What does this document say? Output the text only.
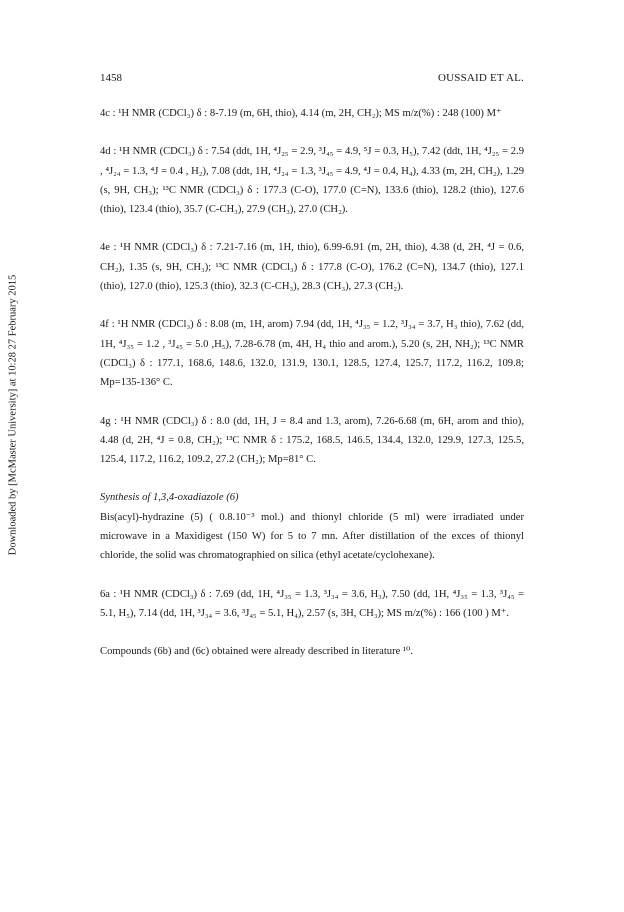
Downloaded by [McMaster University] at 10:28 27 February 2015
1458	OUSSAID ET AL.
4c : ¹H NMR (CDCl₃) δ : 8-7.19 (m, 6H, thio), 4.14 (m, 2H, CH₂); MS m/z(%) : 248 (100) M⁺
4d : ¹H NMR (CDCl₃) δ : 7.54 (ddt, 1H, ⁴J₂₅ = 2.9, ³J₄₅ = 4.9, ⁵J = 0.3, H₅), 7.42 (ddt, 1H, ⁴J₂₅ = 2.9 , ⁴J₂₄ = 1.3, ⁴J = 0.4 , H₂), 7.08 (ddt, 1H, ⁴J₂₄ = 1.3, ³J₄₅ = 4.9, ⁴J = 0.4, H₄), 4.33 (m, 2H, CH₂), 1.29 (s, 9H, CH₃); ¹³C NMR (CDCl₃) δ : 177.3 (C-O), 177.0 (C=N), 133.6 (thio), 128.2 (thio), 127.6 (thio), 123.4 (thio), 35.7 (C-CH₃), 27.9 (CH₃), 27.0 (CH₂).
4e : ¹H NMR (CDCl₃) δ : 7.21-7.16 (m, 1H, thio), 6.99-6.91 (m, 2H, thio), 4.38 (d, 2H, ⁴J = 0.6, CH₂), 1.35 (s, 9H, CH₃); ¹³C NMR (CDCl₃) δ : 177.8 (C-O), 176.2 (C=N), 134.7 (thio), 127.1 (thio), 127.0 (thio), 125.3 (thio), 32.3 (C-CH₃), 28.3 (CH₃), 27.3 (CH₂).
4f : ¹H NMR (CDCl₃) δ : 8.08 (m, 1H, arom) 7.94 (dd, 1H, ⁴J₃₅ = 1.2, ³J₃₄ = 3.7, H₃ thio), 7.62 (dd, 1H, ⁴J₃₅ = 1.2 , ³J₄₅ = 5.0 ,H₅), 7.28-6.78 (m, 4H, H₄ thio and arom.), 5.20 (s, 2H, NH₂); ¹³C NMR (CDCl₃) δ : 177.1, 168.6, 148.6, 132.0, 131.9, 130.1, 128.5, 127.4, 125.7, 117.2, 116.2, 109.8; Mp=135-136° C.
4g : ¹H NMR (CDCl₃) δ : 8.0 (dd, 1H, J = 8.4 and 1.3, arom), 7.26-6.68 (m, 6H, arom and thio), 4.48 (d, 2H, ⁴J = 0.8, CH₂); ¹³C NMR δ : 175.2, 168.5, 146.5, 134.4, 132.0, 129.9, 127.3, 125.5, 125.4, 117.2, 116.2, 109.2, 27.2 (CH₂); Mp=81° C.
Synthesis of 1,3,4-oxadiazole (6)
Bis(acyl)-hydrazine (5) ( 0.8.10⁻³ mol.) and thionyl chloride (5 ml) were irradiated under microwave in a Maxidigest (150 W) for 5 to 7 mn. After distillation of the exces of thionyl chloride, the solid was chromatographied on silica (ethyl acetate/cyclohexane).
6a : ¹H NMR (CDCl₃) δ : 7.69 (dd, 1H, ⁴J₃₅ = 1.3, ³J₃₄ = 3.6, H₃), 7.50 (dd, 1H, ⁴J₃₅ = 1.3, ³J₄₅ = 5.1, H₅), 7.14 (dd, 1H, ³J₃₄ = 3.6, ³J₄₅ = 5.1, H₄), 2.57 (s, 3H, CH₃); MS m/z(%) : 166 (100 ) M⁺.
Compounds (6b) and (6c) obtained were already described in literature ¹⁰.
